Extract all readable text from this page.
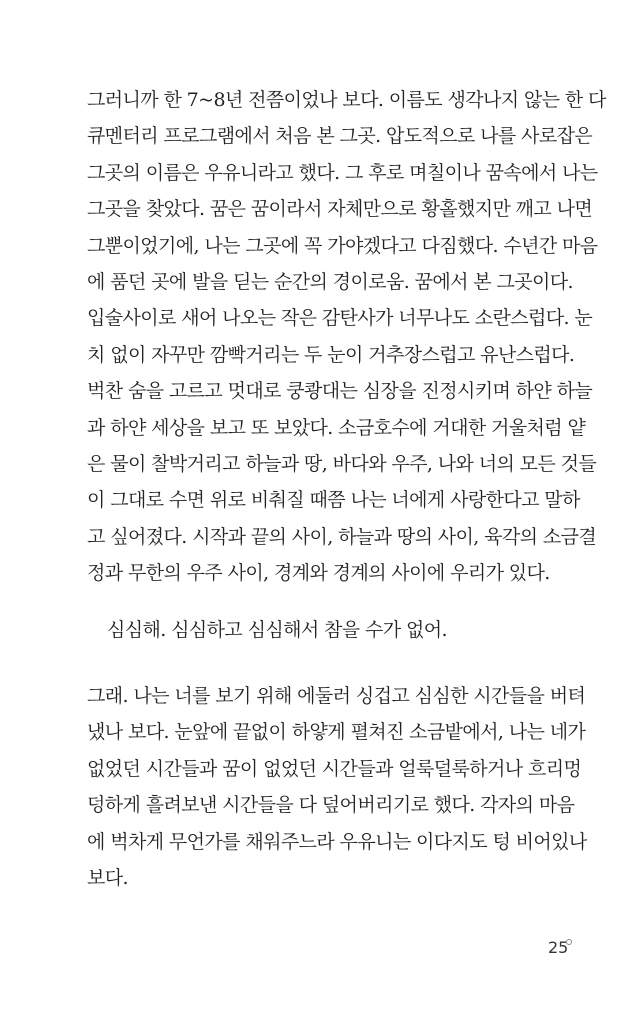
그러니까 한 7~8년 전쯤이었나 보다. 이름도 생각나지 않는 한 다
큐멘터리 프로그램에서 처음 본 그곳. 압도적으로 나를 사로잡은
그곳의 이름은 우유니라고 했다. 그 후로 며칠이나 꿈속에서 나는
그곳을 찾았다. 꿈은 꿈이라서 자체만으로 황홀했지만 깨고 나면
그뿐이었기에, 나는 그곳에 꼭 가야겠다고 다짐했다. 수년간 마음
에 품던 곳에 발을 딛는 순간의 경이로움. 꿈에서 본 그곳이다.
입술사이로 새어 나오는 작은 감탄사가 너무나도 소란스럽다. 눈
치 없이 자꾸만 깜빡거리는 두 눈이 거추장스럽고 유난스럽다.
벅찬 숨을 고르고 멋대로 쿵쾅대는 심장을 진정시키며 하얀 하늘
과 하얀 세상을 보고 또 보았다. 소금호수에 거대한 거울처럼 얕
은 물이 찰박거리고 하늘과 땅, 바다와 우주, 나와 너의 모든 것들
이 그대로 수면 위로 비춰질 때쯤 나는 너에게 사랑한다고 말하
고 싶어졌다. 시작과 끝의 사이, 하늘과 땅의 사이, 육각의 소금결
정과 무한의 우주 사이, 경계와 경계의 사이에 우리가 있다.
심심해. 심심하고 심심해서 참을 수가 없어.
그래. 나는 너를 보기 위해 에둘러 싱겁고 심심한 시간들을 버텨
냈나 보다. 눈앞에 끝없이 하얗게 펼쳐진 소금밭에서, 나는 네가
없었던 시간들과 꿈이 없었던 시간들과 얼룩덜룩하거나 흐리멍
덩하게 흘려보낸 시간들을 다 덮어버리기로 했다. 각자의 마음
에 벅차게 무언가를 채워주느라 우유니는 이다지도 텅 비어있나
보다.
25
